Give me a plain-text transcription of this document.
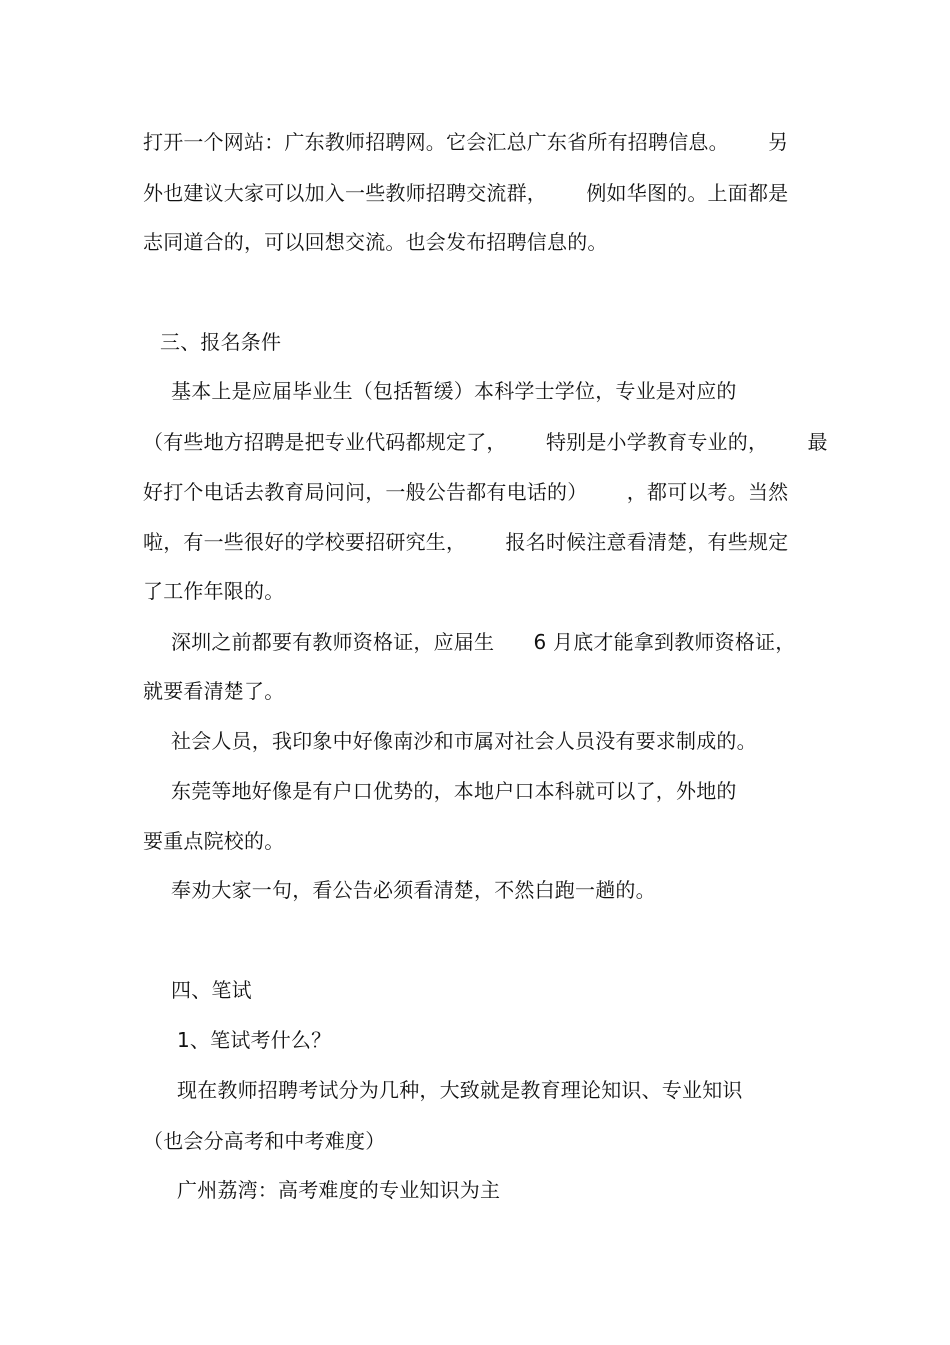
打开一个网站：广东教师招聘网。它会汇总广东省所有招聘信息。      另
外也建议大家可以加入一些教师招聘交流群，      例如华图的。上面都是
志同道合的，可以回想交流。也会发布招聘信息的。
三、报名条件
基本上是应届毕业生（包括暂缓）本科学士学位，专业是对应的
（有些地方招聘是把专业代码都规定了，      特别是小学教育专业的，      最
好打个电话去教育局问问，一般公告都有电话的）      ，都可以考。当然
啦，有一些很好的学校要招研究生，      报名时候注意看清楚，有些规定
了工作年限的。
深圳之前都要有教师资格证，应届生      6 月底才能拿到教师资格证，
就要看清楚了。
社会人员，我印象中好像南沙和市属对社会人员没有要求制成的。
东莞等地好像是有户口优势的，本地户口本科就可以了，外地的
要重点院校的。
奉劝大家一句，看公告必须看清楚，不然白跑一趟的。
四、笔试
1、笔试考什么？
现在教师招聘考试分为几种，大致就是教育理论知识、专业知识
（也会分高考和中考难度）
广州荔湾：高考难度的专业知识为主
